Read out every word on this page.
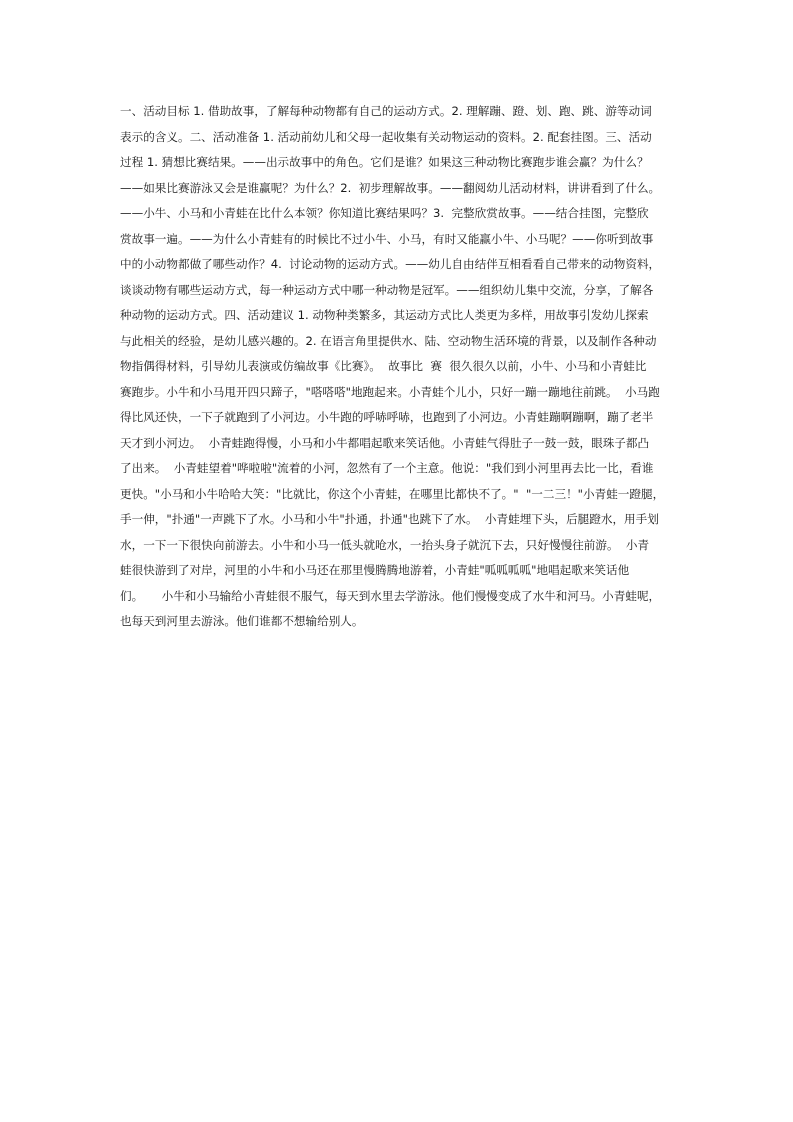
一、活动目标 1. 借助故事，了解每种动物都有自己的运动方式。2. 理解蹦、蹬、划、跑、跳、游等动词
表示的含义。二、活动准备 1. 活动前幼儿和父母一起收集有关动物运动的资料。2. 配套挂图。三、活动
过程 1. 猜想比赛结果。——出示故事中的角色。它们是谁？如果这三种动物比赛跑步谁会赢？为什么？
——如果比赛游泳又会是谁赢呢？为什么？2.  初步理解故事。——翻阅幼儿活动材料，讲讲看到了什么。
——小牛、小马和小青蛙在比什么本领？你知道比赛结果吗？3.  完整欣赏故事。——结合挂图，完整欣
赏故事一遍。——为什么小青蛙有的时候比不过小牛、小马，有时又能赢小牛、小马呢？——你听到故事
中的小动物都做了哪些动作？4.  讨论动物的运动方式。——幼儿自由结伴互相看看自己带来的动物资料，
谈谈动物有哪些运动方式，每一种运动方式中哪一种动物是冠军。——组织幼儿集中交流，分享，了解各
种动物的运动方式。四、活动建议 1. 动物种类繁多，其运动方式比人类更为多样，用故事引发幼儿探索
与此相关的经验，是幼儿感兴趣的。2. 在语言角里提供水、陆、空动物生活环境的背景，以及制作各种动
物指偶得材料，引导幼儿表演或仿编故事《比赛》。  故事比  赛  很久很久以前，小牛、小马和小青蛙比
赛跑步。小牛和小马甩开四只蹄子，"嗒嗒嗒"地跑起来。小青蛙个儿小，只好一蹦一蹦地往前跳。  小马跑
得比风还快，一下子就跑到了小河边。小牛跑的呼哧呼哧，也跑到了小河边。小青蛙蹦啊蹦啊，蹦了老半
天才到小河边。  小青蛙跑得慢，小马和小牛都唱起歌来笑话他。小青蛙气得肚子一鼓一鼓，眼珠子都凸
了出来。  小青蛙望着"哗啦啦"流着的小河，忽然有了一个主意。他说："我们到小河里再去比一比，看谁
更快。"小马和小牛哈哈大笑："比就比，你这个小青蛙，在哪里比都快不了。"  "一二三！"小青蛙一蹬腿，
手一伸，"扑通"一声跳下了水。小马和小牛"扑通，扑通"也跳下了水。  小青蛙埋下头，后腿蹬水，用手划
水，一下一下很快向前游去。小牛和小马一低头就呛水，一抬头身子就沉下去，只好慢慢往前游。  小青
蛙很快游到了对岸，河里的小牛和小马还在那里慢腾腾地游着，小青蛙"呱呱呱呱"地唱起歌来笑话他
们。     小牛和小马输给小青蛙很不服气，每天到水里去学游泳。他们慢慢变成了水牛和河马。小青蛙呢，
也每天到河里去游泳。他们谁都不想输给别人。
